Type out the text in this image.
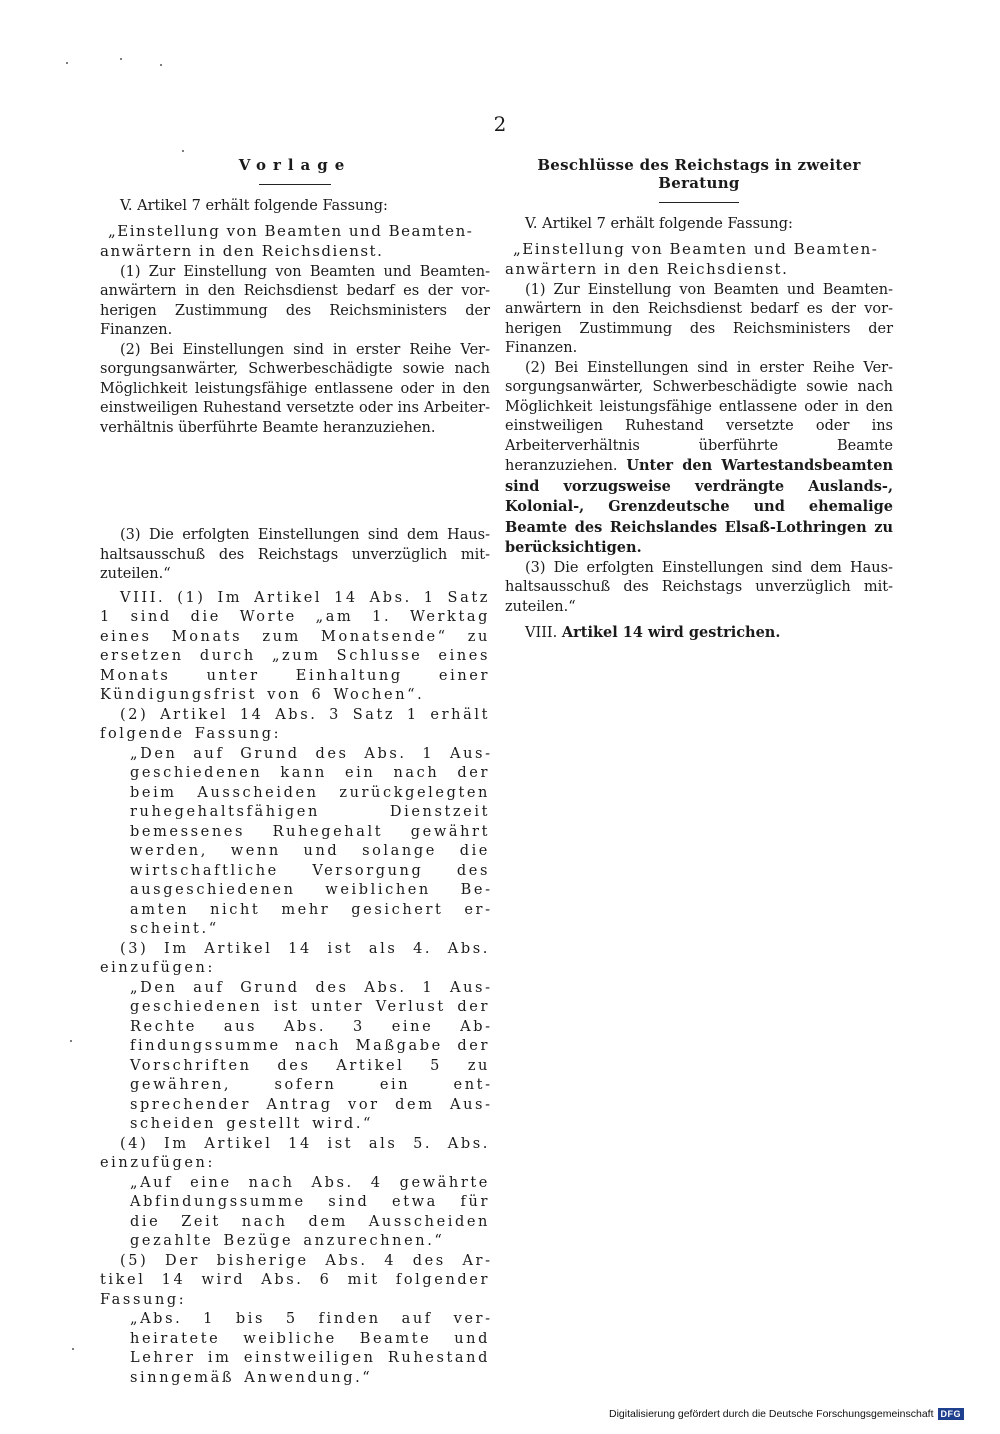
2

Vorlage

V. Artikel 7 erhält folgende Fassung:

„Einstellung von Beamten und Beamtenanwärtern in den Reichsdienst.

(1) Zur Einstellung von Beamten und Beamtenanwärtern in den Reichsdienst bedarf es der vorherigen Zustimmung des Reichsministers der Finanzen.

(2) Bei Einstellungen sind in erster Reihe Versorgungsanwärter, Schwerbeschädigte sowie nach Möglichkeit leistungsfähige entlassene oder in den einstweiligen Ruhestand versetzte oder ins Arbeiterverhältnis überführte Beamte heranzuziehen.

(3) Die erfolgten Einstellungen sind dem Haushaltsausschuß des Reichstags unverzüglich mitzuteilen.“

VIII. (1) Im Artikel 14 Abs. 1 Satz 1 sind die Worte „am 1. Werktag eines Monats zum Monatsende“ zu ersetzen durch „zum Schlusse eines Monats unter Einhaltung einer Kündigungsfrist von 6 Wochen“.

(2) Artikel 14 Abs. 3 Satz 1 erhält folgende Fassung:

„Den auf Grund des Abs. 1 Ausgeschiedenen kann ein nach der beim Ausscheiden zurückgelegten ruhegehaltsfähigen Dienstzeit bemessenes Ruhegehalt gewährt werden, wenn und solange die wirtschaftliche Versorgung des ausgeschiedenen weiblichen Beamten nicht mehr gesichert erscheint.“

(3) Im Artikel 14 ist als 4. Abs. einzufügen:

„Den auf Grund des Abs. 1 Ausgeschiedenen ist unter Verlust der Rechte aus Abs. 3 eine Abfindungssumme nach Maßgabe der Vorschriften des Artikel 5 zu gewähren, sofern ein entsprechender Antrag vor dem Ausscheiden gestellt wird.“

(4) Im Artikel 14 ist als 5. Abs. einzufügen:

„Auf eine nach Abs. 4 gewährte Abfindungssumme sind etwa für die Zeit nach dem Ausscheiden gezahlte Bezüge anzurechnen.“

(5) Der bisherige Abs. 4 des Artikel 14 wird Abs. 6 mit folgender Fassung:

„Abs. 1 bis 5 finden auf verheiratete weibliche Beamte und Lehrer im einstweiligen Ruhestand sinngemäß Anwendung.“

Beschlüsse des Reichstags in zweiter Beratung

V. Artikel 7 erhält folgende Fassung:

„Einstellung von Beamten und Beamtenanwärtern in den Reichsdienst.

(1) Zur Einstellung von Beamten und Beamtenanwärtern in den Reichsdienst bedarf es der vorherigen Zustimmung des Reichsministers der Finanzen.

(2) Bei Einstellungen sind in erster Reihe Versorgungsanwärter, Schwerbeschädigte sowie nach Möglichkeit leistungsfähige entlassene oder in den einstweiligen Ruhestand versetzte oder ins Arbeiterverhältnis überführte Beamte heranzuziehen. Unter den Wartestandsbeamten sind vorzugsweise verdrängte Auslands-, Kolonial-, Grenzdeutsche und ehemalige Beamte des Reichslandes Elsaß-Lothringen zu berücksichtigen.

(3) Die erfolgten Einstellungen sind dem Haushaltsausschuß des Reichstags unverzüglich mitzuteilen.“

VIII. Artikel 14 wird gestrichen.

Digitalisierung gefördert durch die Deutsche Forschungsgemeinschaft DFG
